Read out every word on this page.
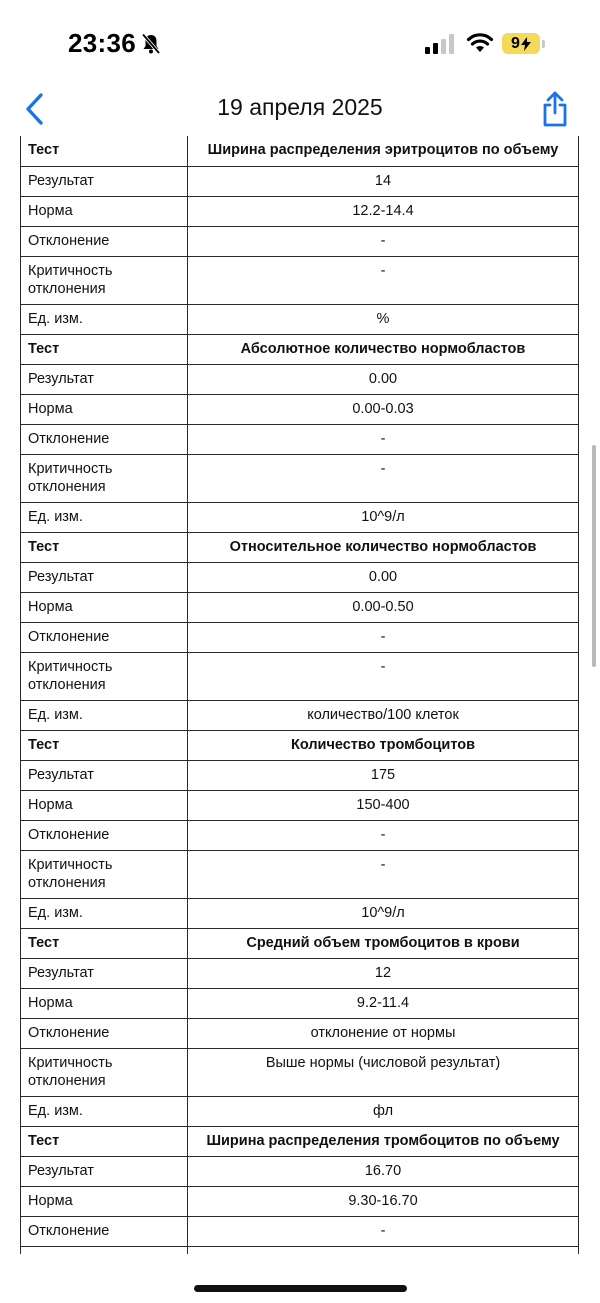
23:36	9
19 апреля 2025
Тест	Ширина распределения эритроцитов по объему
Результат	14
Норма	12.2-14.4
Отклонение	-
Критичность отклонения	-
Ед. изм.	%
Тест	Абсолютное количество нормобластов
Результат	0.00
Норма	0.00-0.03
Отклонение	-
Критичность отклонения	-
Ед. изм.	10^9/л
Тест	Относительное количество нормобластов
Результат	0.00
Норма	0.00-0.50
Отклонение	-
Критичность отклонения	-
Ед. изм.	количество/100 клеток
Тест	Количество тромбоцитов
Результат	175
Норма	150-400
Отклонение	-
Критичность отклонения	-
Ед. изм.	10^9/л
Тест	Средний объем тромбоцитов в крови
Результат	12
Норма	9.2-11.4
Отклонение	отклонение от нормы
Критичность отклонения	Выше нормы (числовой результат)
Ед. изм.	фл
Тест	Ширина распределения тромбоцитов по объему
Результат	16.70
Норма	9.30-16.70
Отклонение	-
